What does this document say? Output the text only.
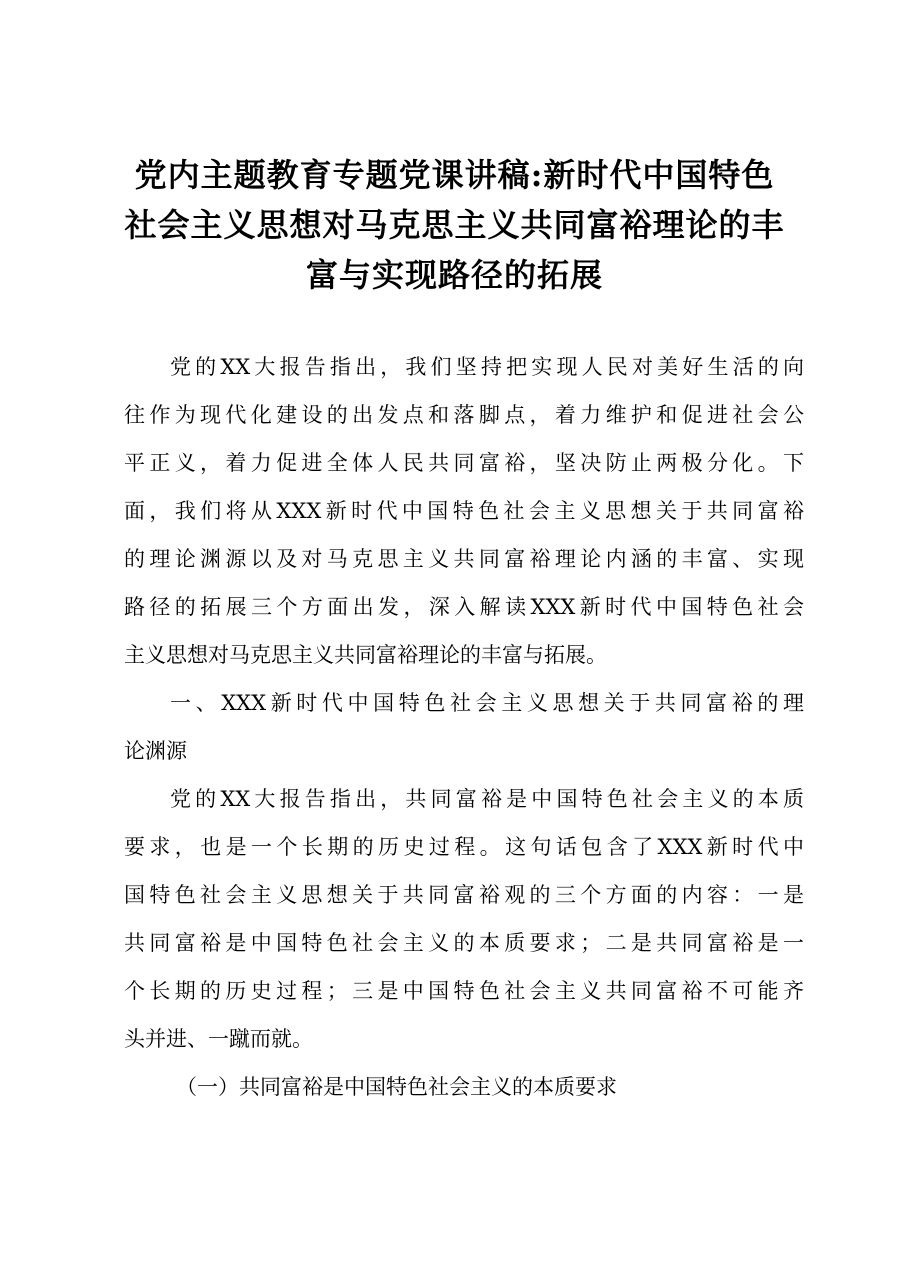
党内主题教育专题党课讲稿:新时代中国特色
社会主义思想对马克思主义共同富裕理论的丰
富与实现路径的拓展
党的XX大报告指出，我们坚持把实现人民对美好生活的向
往作为现代化建设的出发点和落脚点，着力维护和促进社会公
平正义，着力促进全体人民共同富裕，坚决防止两极分化。下
面，我们将从XXX新时代中国特色社会主义思想关于共同富裕
的理论渊源以及对马克思主义共同富裕理论内涵的丰富、实现
路径的拓展三个方面出发，深入解读XXX新时代中国特色社会
主义思想对马克思主义共同富裕理论的丰富与拓展。
一、XXX新时代中国特色社会主义思想关于共同富裕的理
论渊源
党的XX大报告指出，共同富裕是中国特色社会主义的本质
要求，也是一个长期的历史过程。这句话包含了XXX新时代中
国特色社会主义思想关于共同富裕观的三个方面的内容：一是
共同富裕是中国特色社会主义的本质要求；二是共同富裕是一
个长期的历史过程；三是中国特色社会主义共同富裕不可能齐
头并进、一蹴而就。
（一）共同富裕是中国特色社会主义的本质要求
